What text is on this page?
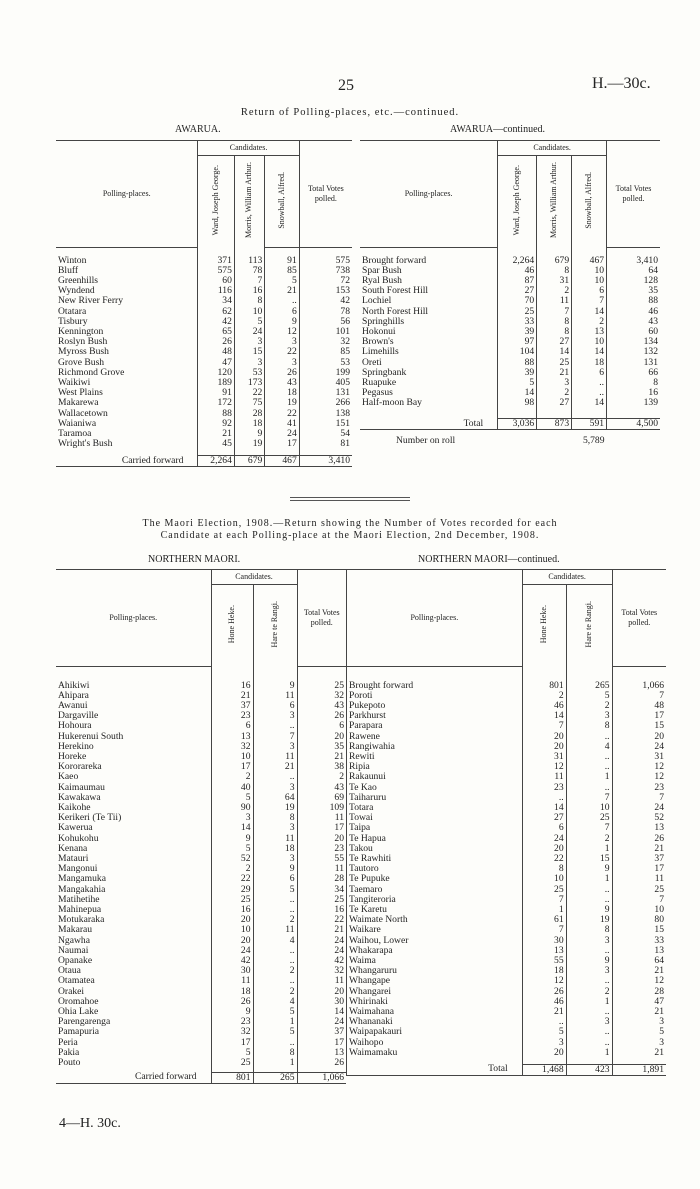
25	H.—30c.
Return of Polling-places, etc.—continued.
AWARUA.	AWARUA—continued.
Polling-places.	Candidates.			Total Votes polled.
	Ward, Joseph George.	Morris, William Arthur.	Snowball, Alfred.	

Winton	371	113	91	575
Bluff	575	78	85	738
Greenhills	60	7	5	72
Wyndend	116	16	21	153
New River Ferry	34	8	..	42
Otatara	62	10	6	78
Tisbury	42	5	9	56
Kennington	65	24	12	101
Roslyn Bush	26	3	3	32
Myross Bush	48	15	22	85
Grove Bush	47	3	3	53
Richmond Grove	120	53	26	199
Waikiwi	189	173	43	405
West Plains	91	22	18	131
Makarewa	172	75	19	266
Wallacetown	88	28	22	138
Waianiwa	92	18	41	151
Taramoa	21	9	24	54
Wright's Bush	45	19	17	81

Carried forward	2,264	679	467	3,410
Polling-places.	Candidates.			Total Votes polled.
	Ward, Joseph George.	Morris, William Arthur.	Snowball, Alfred.	

Brought forward	2,264	679	467	3,410
Spar Bush	46	8	10	64
Ryal Bush	87	31	10	128
South Forest Hill	27	2	6	35
Lochiel	70	11	7	88
North Forest Hill	25	7	14	46
Springhills	33	8	2	43
Hokonui	39	8	13	60
Brown's	97	27	10	134
Limehills	104	14	14	132
Oreti	88	25	18	131
Springbank	39	21	6	66
Ruapuke	5	3	..	8
Pegasus	14	2	..	16
Half-moon Bay	98	27	14	139

Total	3,036	873	591	4,500
Number on roll			5,789	
The Maori Election, 1908.—Return showing the Number of Votes recorded for each
Candidate at each Polling-place at the Maori Election, 2nd December, 1908.
NORTHERN MAORI.	NORTHERN MAORI—continued.
Polling-places.	Candidates.		Total Votes polled.
	Hone Heke.	Hare te Rangi.	

Ahikiwi	16	9	25
Ahipara	21	11	32
Awanui	37	6	43
Dargaville	23	3	26
Hohoura	6	..	6
Hukerenui South	13	7	20
Herekino	32	3	35
Horeke	10	11	21
Kororareka	17	21	38
Kaeo	2	..	2
Kaimaumau	40	3	43
Kawakawa	5	64	69
Kaikohe	90	19	109
Kerikeri (Te Tii)	3	8	11
Kawerua	14	3	17
Kohukohu	9	11	20
Kenana	5	18	23
Matauri	52	3	55
Mangonui	2	9	11
Mangamuka	22	6	28
Mangakahia	29	5	34
Matihetihe	25	..	25
Mahinepua	16	..	16
Motukaraka	20	2	22
Makarau	10	11	21
Ngawha	20	4	24
Naumai	24	..	24
Opanake	42	..	42
Otaua	30	2	32
Otamatea	11	..	11
Orakei	18	2	20
Oromahoe	26	4	30
Ohia Lake	9	5	14
Parengarenga	23	1	24
Pamapuria	32	5	37
Peria	17	..	17
Pakia	5	8	13
Pouto	25	1	26

Carried forward	801	265	1,066
Polling-places.	Candidates.		Total Votes polled.
	Hone Heke.	Hare te Rangi.	

Brought forward	801	265	1,066
Poroti	2	5	7
Pukepoto	46	2	48
Parkhurst	14	3	17
Parapara	7	8	15
Rawene	20	..	20
Rangiwahia	20	4	24
Rewiti	31	..	31
Ripia	12	..	12
Rakaunui	11	1	12
Te Kao	23	..	23
Taiharuru	..	7	7
Totara	14	10	24
Towai	27	25	52
Taipa	6	7	13
Te Hapua	24	2	26
Takou	20	1	21
Te Rawhiti	22	15	37
Tautoro	8	9	17
Te Pupuke	10	1	11
Taemaro	25	..	25
Tangiteroria	7	..	7
Te Karetu	1	9	10
Waimate North	61	19	80
Waikare	7	8	15
Waihou, Lower	30	3	33
Whakarapa	13	..	13
Waima	55	9	64
Whangaruru	18	3	21
Whangape	12	..	12
Whangarei	26	2	28
Whirinaki	46	1	47
Waimahana	21	..	21
Whananaki	..	3	3
Waipapakauri	5	..	5
Waihopo	3	..	3
Waimamaku	20	1	21

Total	1,468	423	1,891
4—H. 30c.
